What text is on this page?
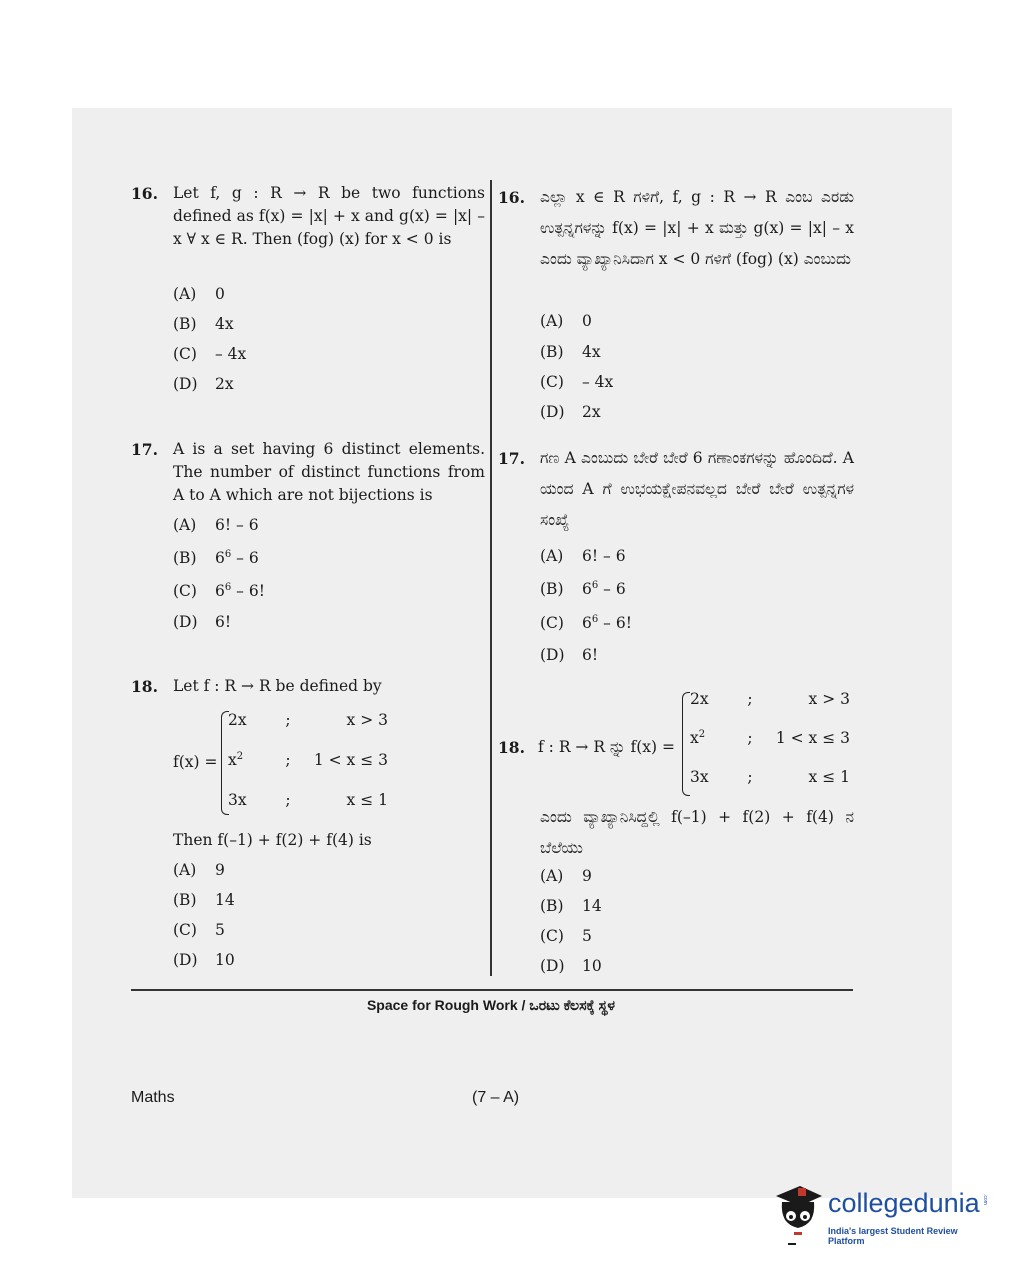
16. Let f, g : R → R be two functions defined as f(x) = |x| + x and g(x) = |x| – x ∀ x ∈ R. Then (fog) (x) for x < 0 is
(A) 0
(B) 4x
(C) – 4x
(D) 2x
17. A is a set having 6 distinct elements. The number of distinct functions from A to A which are not bijections is
(A) 6! – 6
(B) $6^6 - 6$
(C) $6^6 - 6$!
(D) 6!
18. Let f : R → R be defined by
f(x) =
2x	;	x > 3
$x^2$	; 1 < x ≤ 3
3x	;	x ≤ 1
Then f(–1) + f(2) + f(4) is
(A) 9
(B) 14
(C) 5
(D) 10
16. ಎಲ್ಲಾ x ∈ R ಗಳಿಗೆ, f, g : R → R ಎಂಬ ಎರಡು ಉತ್ಪನ್ನಗಳನ್ನು f(x) = |x| + x ಮತ್ತು g(x) = |x| – x ಎಂದು ವ್ಯಾಖ್ಯಾನಿಸಿದಾಗ x < 0 ಗಳಿಗೆ (fog) (x) ಎಂಬುದು
(A) 0
(B) 4x
(C) – 4x
(D) 2x
17. ಗಣ A ಎಂಬುದು ಬೇರೆ ಬೇರೆ 6 ಗಣಾಂಕಗಳನ್ನು ಹೊಂದಿದೆ. A ಯಂದ A ಗೆ ಉಭಯಕ್ಷೇಪನವಲ್ಲದ ಬೇರೆ ಬೇರೆ ಉತ್ಪನ್ನಗಳ ಸಂಖ್ಯೆ
(A) 6! – 6
(B) $6^6 - 6$
(C) $6^6 - 6$!
(D) 6!
18. f : R → R ನ್ನು f(x) =
2x	;	x > 3
$x^2$	; 1 < x ≤ 3
3x	;	x ≤ 1
ಎಂದು ವ್ಯಾಖ್ಯಾನಿಸಿದ್ದಲ್ಲಿ f(–1) + f(2) + f(4) ನ ಬೆಲೆಯು
(A) 9
(B) 14
(C) 5
(D) 10
Space for Rough Work / ಒರಟು ಕೆಲಸಕ್ಕೆ ಸ್ಥಳ
Maths	(7 – A)
collegedunia .com
India's largest Student Review Platform
